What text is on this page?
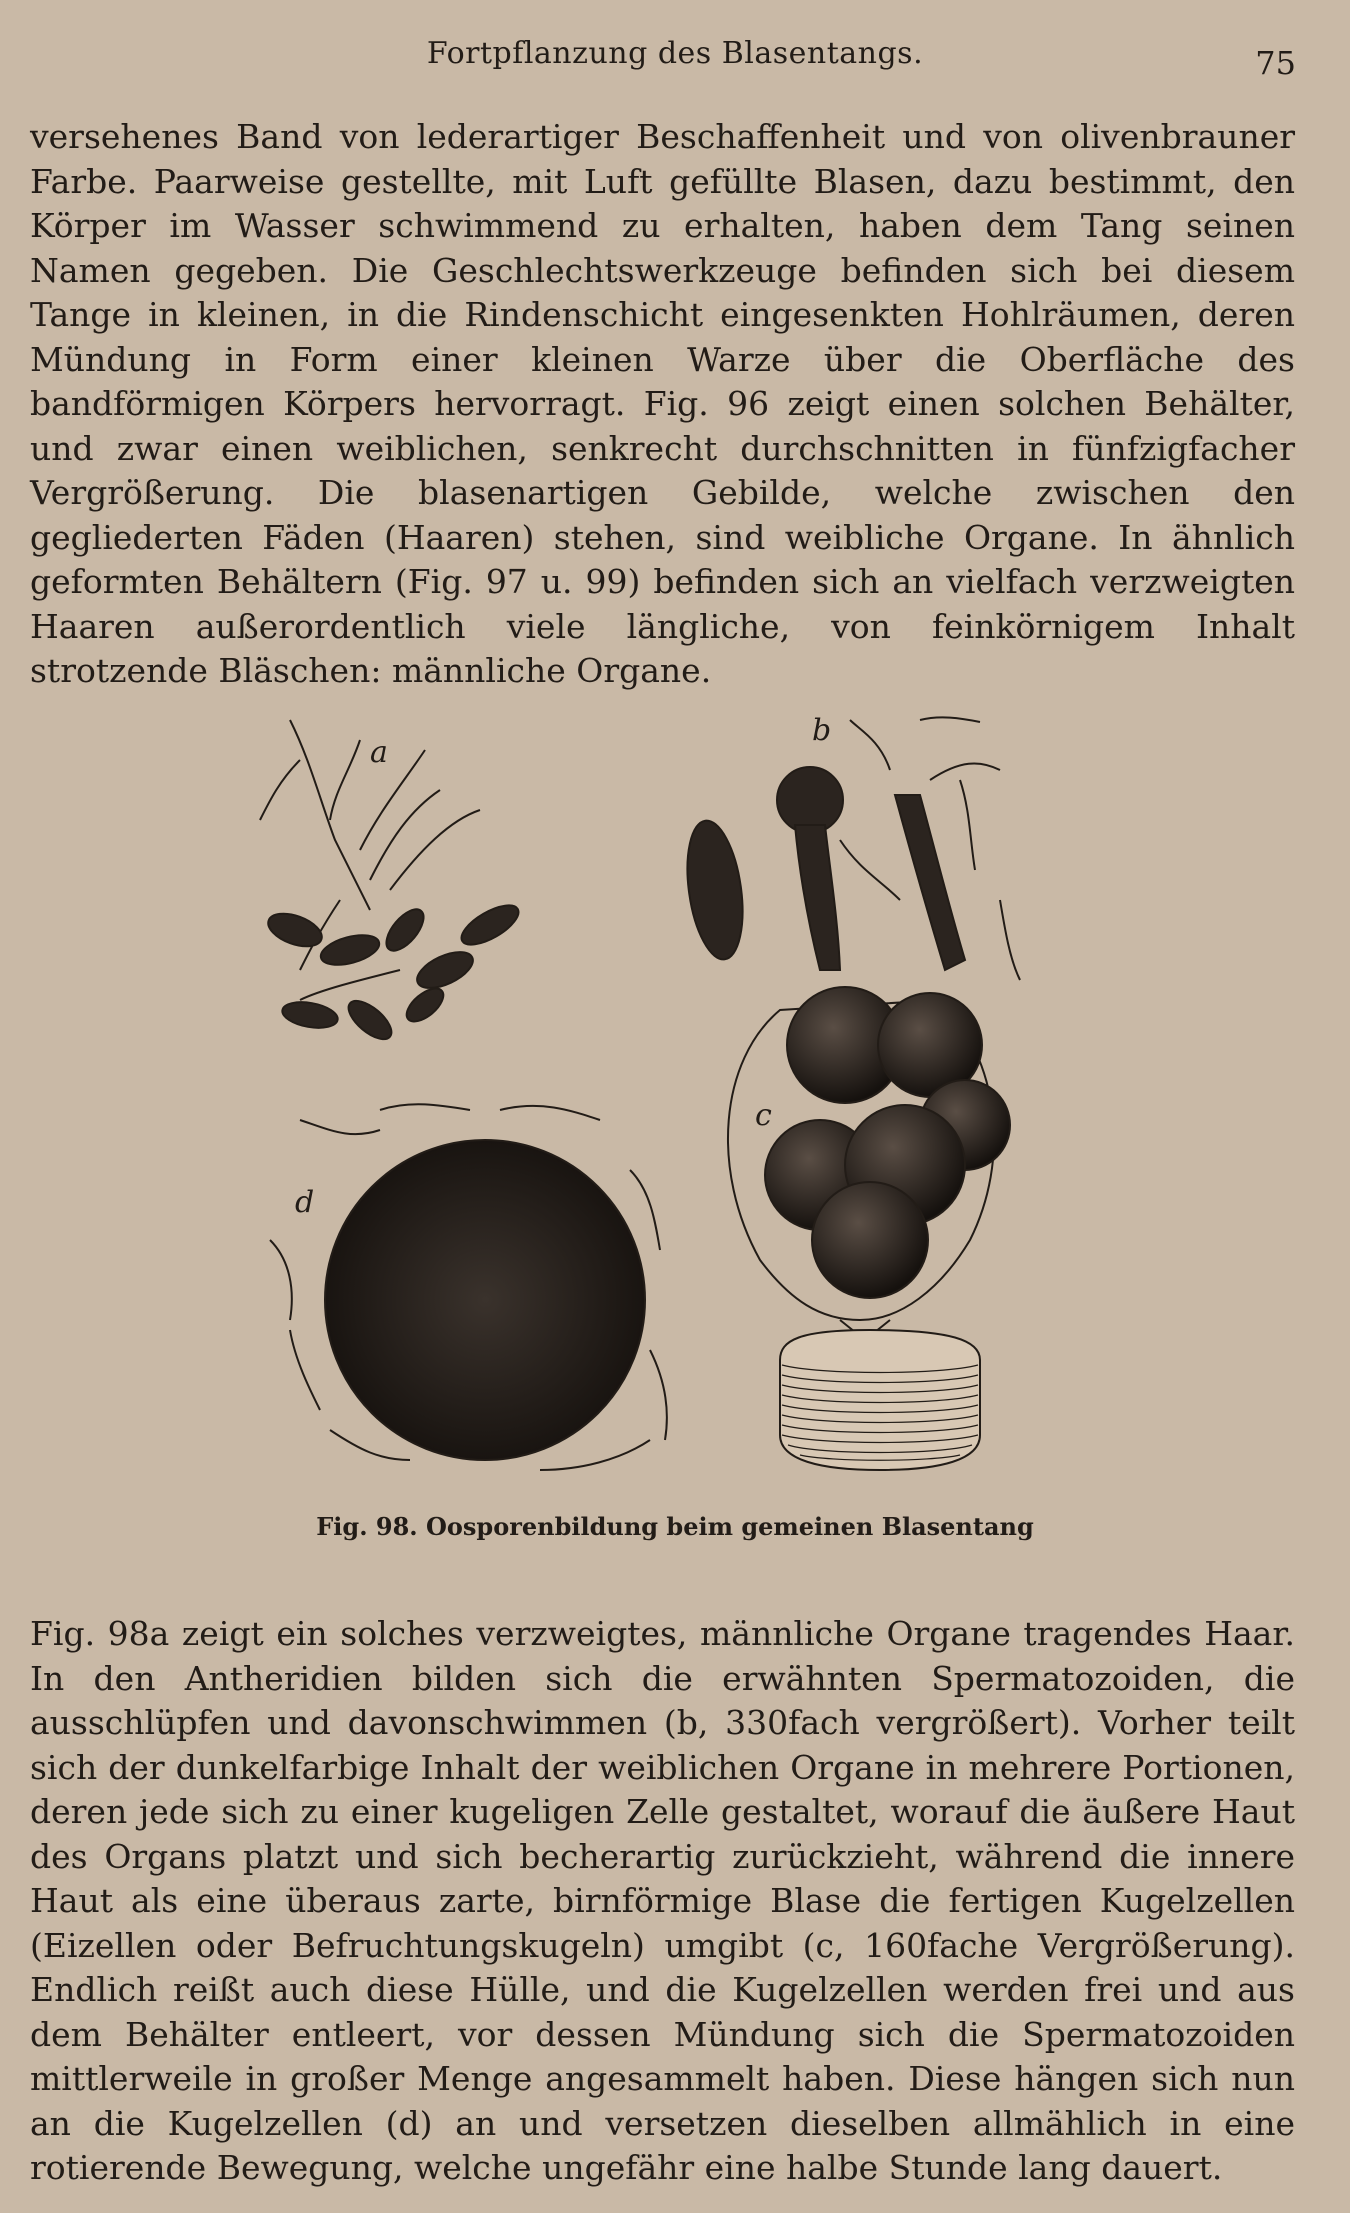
Fortpflanzung des Blasentangs.	75

versehenes Band von lederartiger Beschaffenheit und von olivenbrauner Farbe. Paarweise gestellte, mit Luft gefüllte Blasen, dazu bestimmt, den Körper im Wasser schwimmend zu erhalten, haben dem Tang seinen Namen gegeben. Die Geschlechtswerkzeuge befinden sich bei diesem Tange in kleinen, in die Rindenschicht eingesenkten Hohlräumen, deren Mündung in Form einer kleinen Warze über die Oberfläche des bandförmigen Körpers hervorragt. Fig. 96 zeigt einen solchen Behälter, und zwar einen weiblichen, senkrecht durchschnitten in fünfzigfacher Vergrößerung. Die blasenartigen Gebilde, welche zwischen den gegliederten Fäden (Haaren) stehen, sind weibliche Organe. In ähnlich geformten Behältern (Fig. 97 u. 99) befinden sich an vielfach verzweigten Haaren außerordentlich viele längliche, von feinkörnigem Inhalt strotzende Bläschen: männliche Organe.

a
b
d
c
Fig. 98. Oosporenbildung beim gemeinen Blasentang

Fig. 98a zeigt ein solches verzweigtes, männliche Organe tragendes Haar. In den Antheridien bilden sich die erwähnten Spermatozoiden, die ausschlüpfen und davonschwimmen (b, 330fach vergrößert). Vorher teilt sich der dunkelfarbige Inhalt der weiblichen Organe in mehrere Portionen, deren jede sich zu einer kugeligen Zelle gestaltet, worauf die äußere Haut des Organs platzt und sich becherartig zurückzieht, während die innere Haut als eine überaus zarte, birnförmige Blase die fertigen Kugelzellen (Eizellen oder Befruchtungskugeln) umgibt (c, 160fache Vergrößerung). Endlich reißt auch diese Hülle, und die Kugelzellen werden frei und aus dem Behälter entleert, vor dessen Mündung sich die Spermatozoiden mittlerweile in großer Menge angesammelt haben. Diese hängen sich nun an die Kugelzellen (d) an und versetzen dieselben allmählich in eine rotierende Bewegung, welche ungefähr eine halbe Stunde lang dauert.
